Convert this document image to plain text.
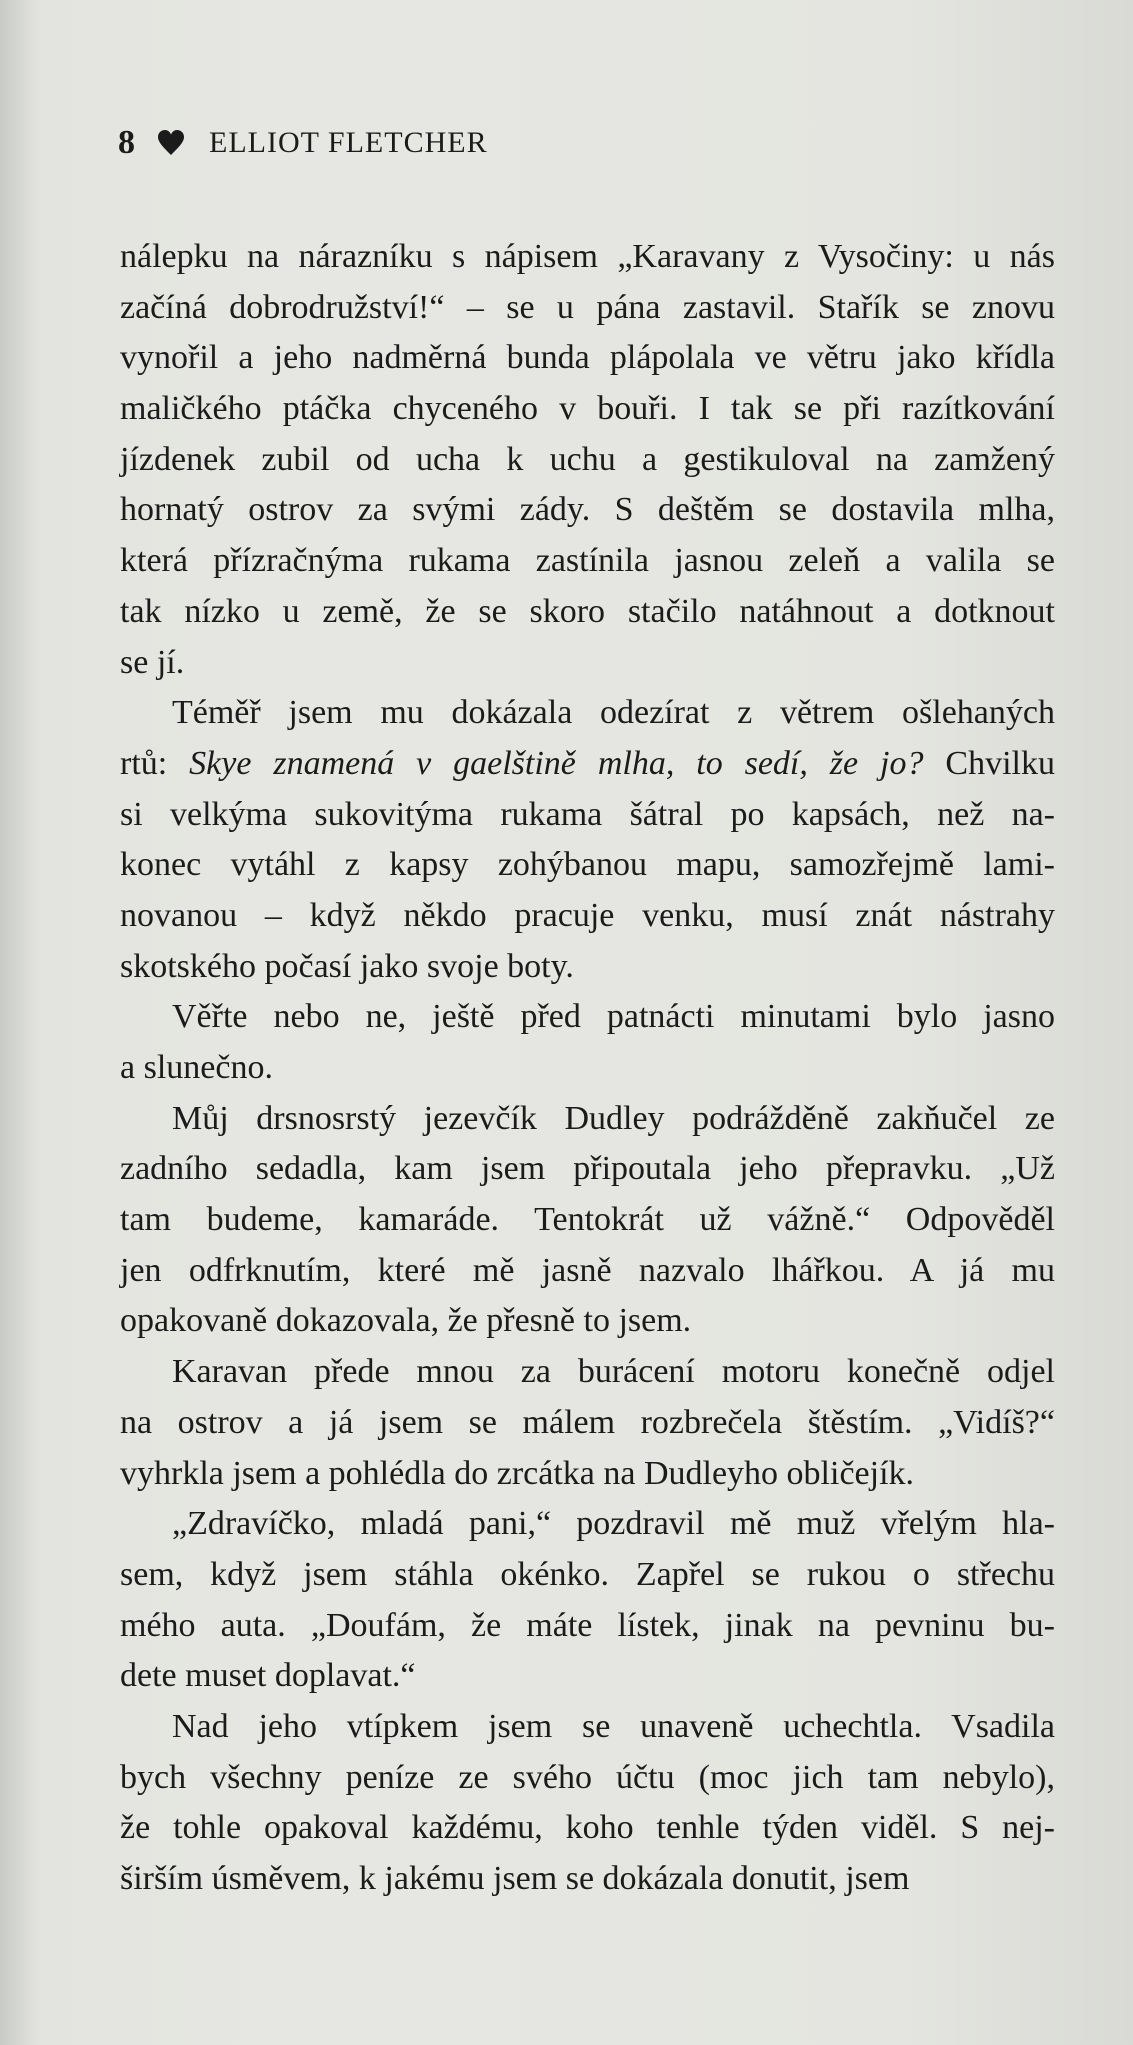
8 ELLIOT FLETCHER
nálepku na nárazníku s nápisem „Karavany z Vysočiny: u nás
začíná dobrodružství!“ – se u pána zastavil. Stařík se znovu
vynořil a jeho nadměrná bunda plápolala ve větru jako křídla
maličkého ptáčka chyceného v bouři. I tak se při razítkování
jízdenek zubil od ucha k uchu a gestikuloval na zamžený
hornatý ostrov za svými zády. S deštěm se dostavila mlha,
která přízračnýma rukama zastínila jasnou zeleň a valila se
tak nízko u země, že se skoro stačilo natáhnout a dotknout
se jí.
Téměř jsem mu dokázala odezírat z větrem ošlehaných
rtů: Skye znamená v gaelštině mlha, to sedí, že jo? Chvilku
si velkýma sukovitýma rukama šátral po kapsách, než na-
konec vytáhl z kapsy zohýbanou mapu, samozřejmě lami-
novanou – když někdo pracuje venku, musí znát nástrahy
skotského počasí jako svoje boty.
Věřte nebo ne, ještě před patnácti minutami bylo jasno
a slunečno.
Můj drsnosrstý jezevčík Dudley podrážděně zakňučel ze
zadního sedadla, kam jsem připoutala jeho přepravku. „Už
tam budeme, kamaráde. Tentokrát už vážně.“ Odpověděl
jen odfrknutím, které mě jasně nazvalo lhářkou. A já mu
opakovaně dokazovala, že přesně to jsem.
Karavan přede mnou za burácení motoru konečně odjel
na ostrov a já jsem se málem rozbrečela štěstím. „Vidíš?“
vyhrkla jsem a pohlédla do zrcátka na Dudleyho obličejík.
„Zdravíčko, mladá pani,“ pozdravil mě muž vřelým hla-
sem, když jsem stáhla okénko. Zapřel se rukou o střechu
mého auta. „Doufám, že máte lístek, jinak na pevninu bu-
dete muset doplavat.“
Nad jeho vtípkem jsem se unaveně uchechtla. Vsadila
bych všechny peníze ze svého účtu (moc jich tam nebylo),
že tohle opakoval každému, koho tenhle týden viděl. S nej-
širším úsměvem, k jakému jsem se dokázala donutit, jsem
